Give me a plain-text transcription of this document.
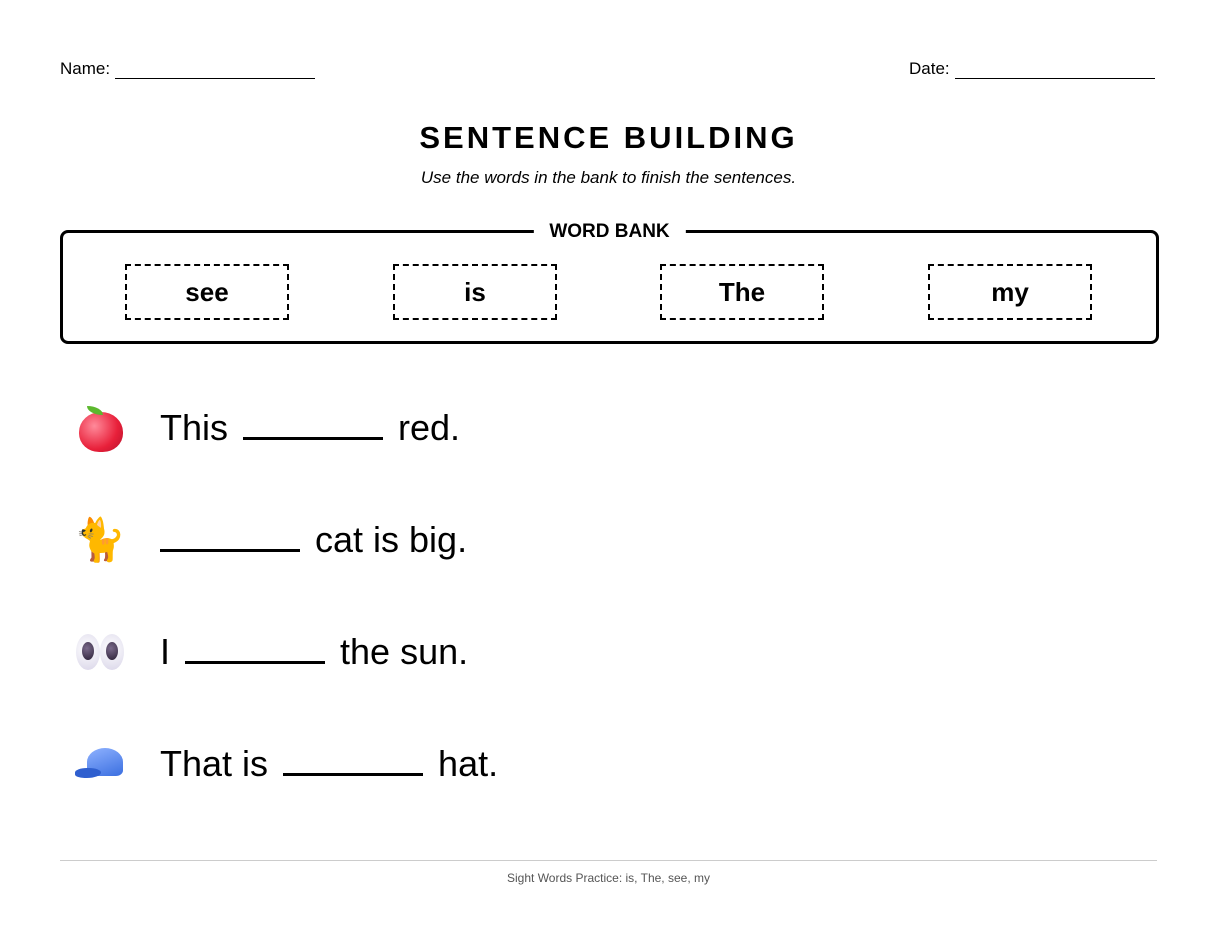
Name:	Date:
SENTENCE BUILDING
Use the words in the bank to finish the sentences.
WORD BANK
see	is	The	my
This	red.
🐈	cat is big.
I	the sun.
That is	hat.
Sight Words Practice: is, The, see, my
